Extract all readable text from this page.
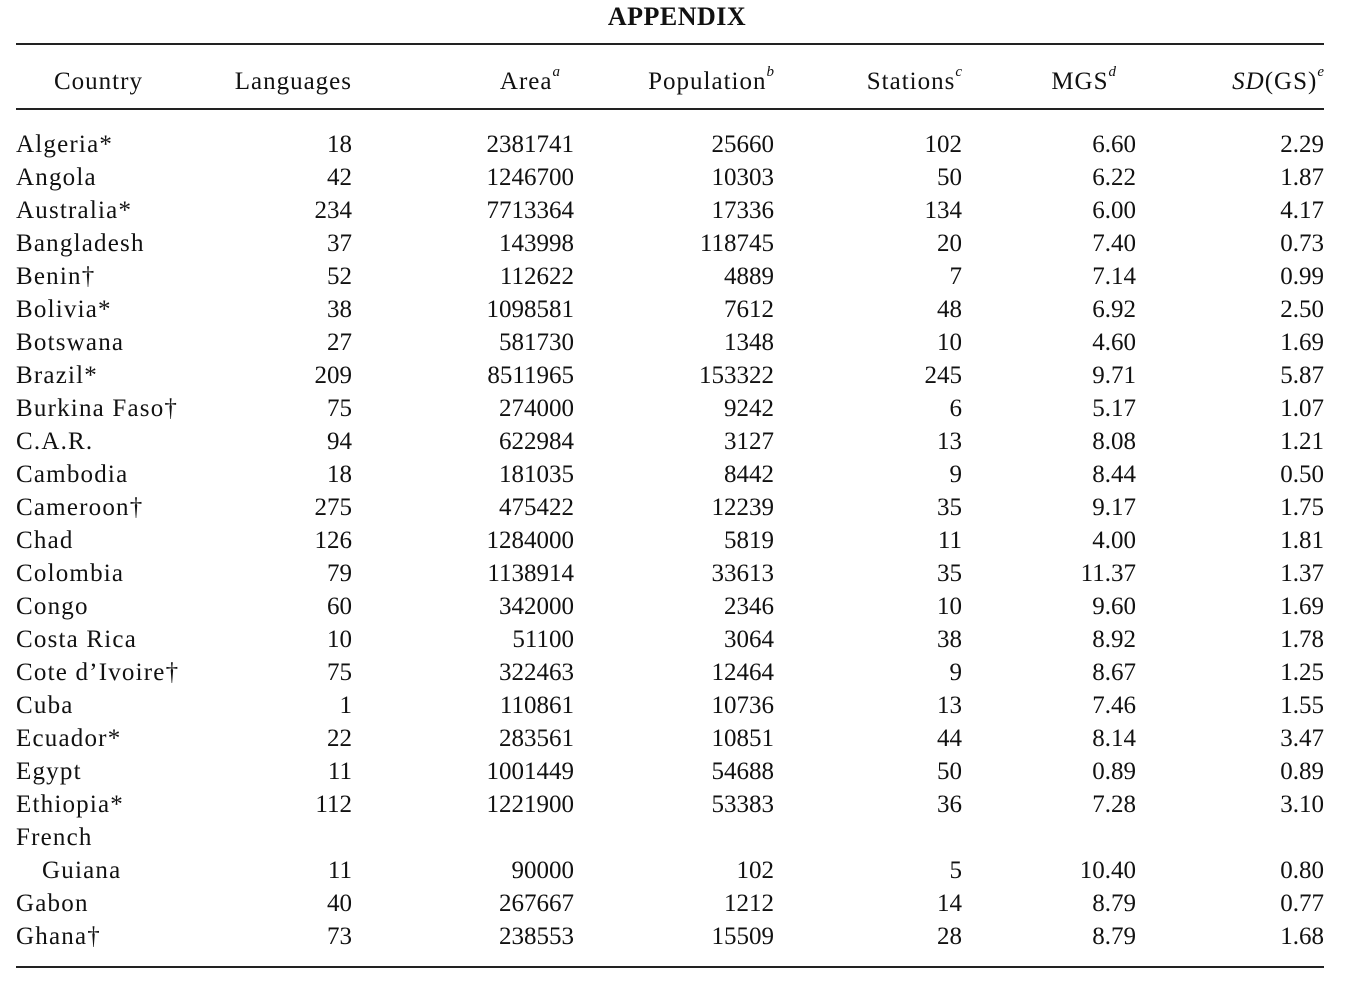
APPENDIX
Country	Languages	Area$^a$	Population$^b$	Stations$^c$	MGS$^d$	SD(GS)$^e$

Algeria*	18	2381741	25660	102	6.60	2.29
Angola	42	1246700	10303	50	6.22	1.87
Australia*	234	7713364	17336	134	6.00	4.17
Bangladesh	37	143998	118745	20	7.40	0.73
Benin†	52	112622	4889	7	7.14	0.99
Bolivia*	38	1098581	7612	48	6.92	2.50
Botswana	27	581730	1348	10	4.60	1.69
Brazil*	209	8511965	153322	245	9.71	5.87
Burkina Faso†	75	274000	9242	6	5.17	1.07
C.A.R.	94	622984	3127	13	8.08	1.21
Cambodia	18	181035	8442	9	8.44	0.50
Cameroon†	275	475422	12239	35	9.17	1.75
Chad	126	1284000	5819	11	4.00	1.81
Colombia	79	1138914	33613	35	11.37	1.37
Congo	60	342000	2346	10	9.60	1.69
Costa Rica	10	51100	3064	38	8.92	1.78
Cote d’Ivoire†	75	322463	12464	9	8.67	1.25
Cuba	1	110861	10736	13	7.46	1.55
Ecuador*	22	283561	10851	44	8.14	3.47
Egypt	11	1001449	54688	50	0.89	0.89
Ethiopia*	112	1221900	53383	36	7.28	3.10
French						
Guiana	11	90000	102	5	10.40	0.80
Gabon	40	267667	1212	14	8.79	0.77
Ghana†	73	238553	15509	28	8.79	1.68
